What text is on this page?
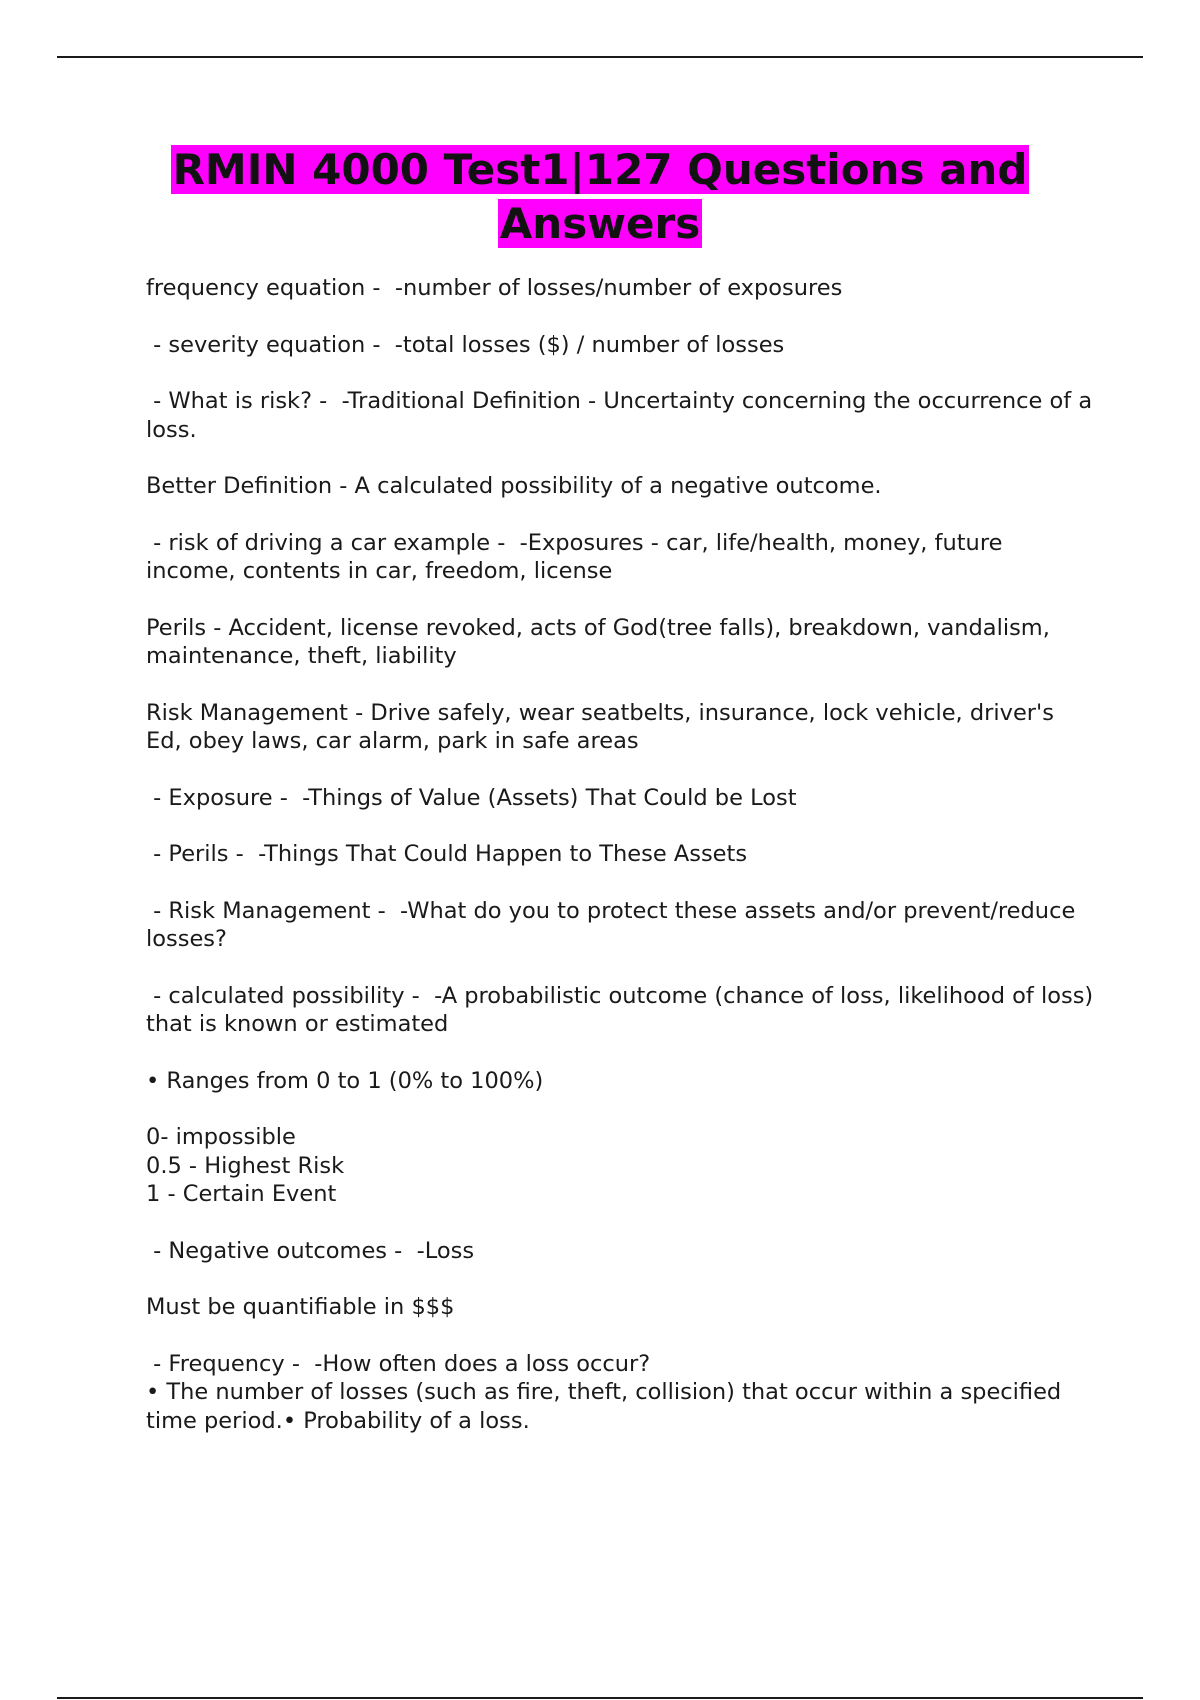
RMIN 4000 Test1|127 Questions and Answers
frequency equation -  -number of losses/number of exposures
- severity equation -  -total losses ($) / number of losses
- What is risk? -  -Traditional Definition - Uncertainty concerning the occurrence of a loss.
Better Definition - A calculated possibility of a negative outcome.
- risk of driving a car example -  -Exposures - car, life/health, money, future income, contents in car, freedom, license
Perils - Accident, license revoked, acts of God(tree falls), breakdown, vandalism, maintenance, theft, liability
Risk Management - Drive safely, wear seatbelts, insurance, lock vehicle, driver's Ed, obey laws, car alarm, park in safe areas
- Exposure -  -Things of Value (Assets) That Could be Lost
- Perils -  -Things That Could Happen to These Assets
- Risk Management -  -What do you to protect these assets and/or prevent/reduce losses?
- calculated possibility -  -A probabilistic outcome (chance of loss, likelihood of loss) that is known or estimated
• Ranges from 0 to 1 (0% to 100%)
0- impossible
0.5 - Highest Risk
1 - Certain Event
- Negative outcomes -  -Loss
Must be quantifiable in $$$
- Frequency -  -How often does a loss occur?
• The number of losses (such as fire, theft, collision) that occur within a specified time period.• Probability of a loss.
